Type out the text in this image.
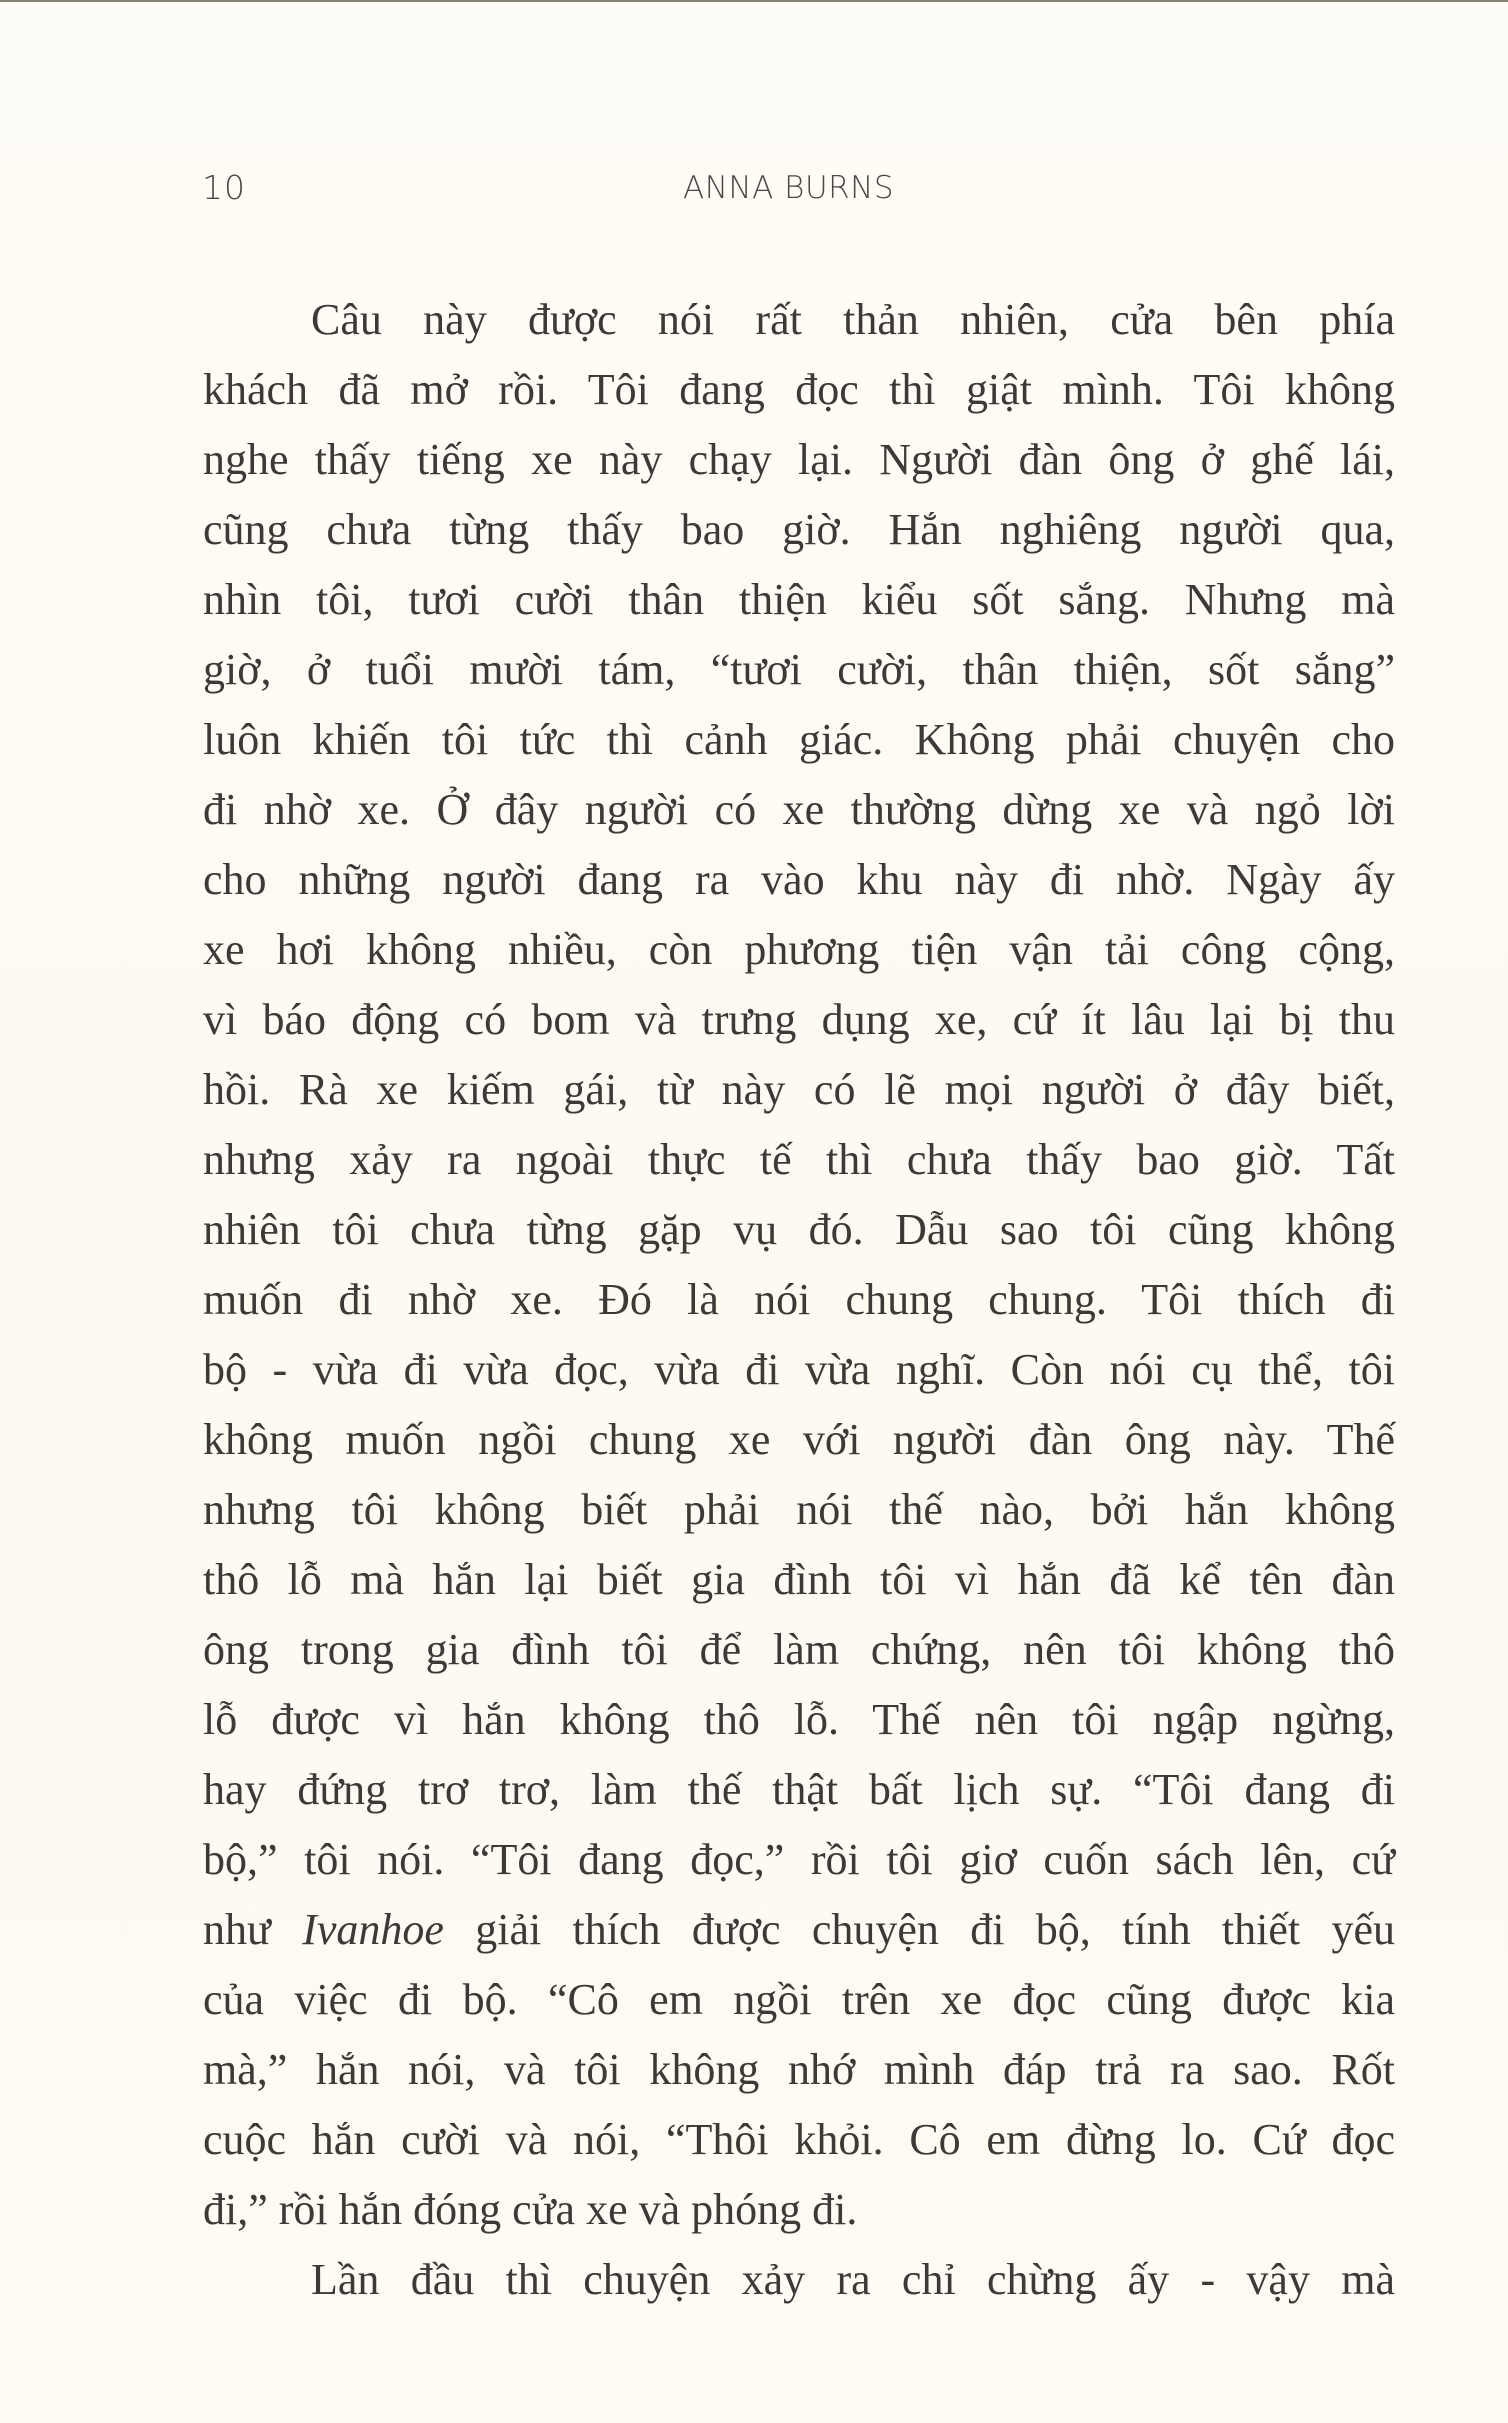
10	ANNA BURNS
Câu này được nói rất thản nhiên, cửa bên phía
khách đã mở rồi. Tôi đang đọc thì giật mình. Tôi không
nghe thấy tiếng xe này chạy lại. Người đàn ông ở ghế lái,
cũng chưa từng thấy bao giờ. Hắn nghiêng người qua,
nhìn tôi, tươi cười thân thiện kiểu sốt sắng. Nhưng mà
giờ, ở tuổi mười tám, “tươi cười, thân thiện, sốt sắng”
luôn khiến tôi tức thì cảnh giác. Không phải chuyện cho
đi nhờ xe. Ở đây người có xe thường dừng xe và ngỏ lời
cho những người đang ra vào khu này đi nhờ. Ngày ấy
xe hơi không nhiều, còn phương tiện vận tải công cộng,
vì báo động có bom và trưng dụng xe, cứ ít lâu lại bị thu
hồi. Rà xe kiếm gái, từ này có lẽ mọi người ở đây biết,
nhưng xảy ra ngoài thực tế thì chưa thấy bao giờ. Tất
nhiên tôi chưa từng gặp vụ đó. Dẫu sao tôi cũng không
muốn đi nhờ xe. Đó là nói chung chung. Tôi thích đi
bộ - vừa đi vừa đọc, vừa đi vừa nghĩ. Còn nói cụ thể, tôi
không muốn ngồi chung xe với người đàn ông này. Thế
nhưng tôi không biết phải nói thế nào, bởi hắn không
thô lỗ mà hắn lại biết gia đình tôi vì hắn đã kể tên đàn
ông trong gia đình tôi để làm chứng, nên tôi không thô
lỗ được vì hắn không thô lỗ. Thế nên tôi ngập ngừng,
hay đứng trơ trơ, làm thế thật bất lịch sự. “Tôi đang đi
bộ,” tôi nói. “Tôi đang đọc,” rồi tôi giơ cuốn sách lên, cứ
như Ivanhoe giải thích được chuyện đi bộ, tính thiết yếu
của việc đi bộ. “Cô em ngồi trên xe đọc cũng được kia
mà,” hắn nói, và tôi không nhớ mình đáp trả ra sao. Rốt
cuộc hắn cười và nói, “Thôi khỏi. Cô em đừng lo. Cứ đọc
đi,” rồi hắn đóng cửa xe và phóng đi.
Lần đầu thì chuyện xảy ra chỉ chừng ấy - vậy mà
